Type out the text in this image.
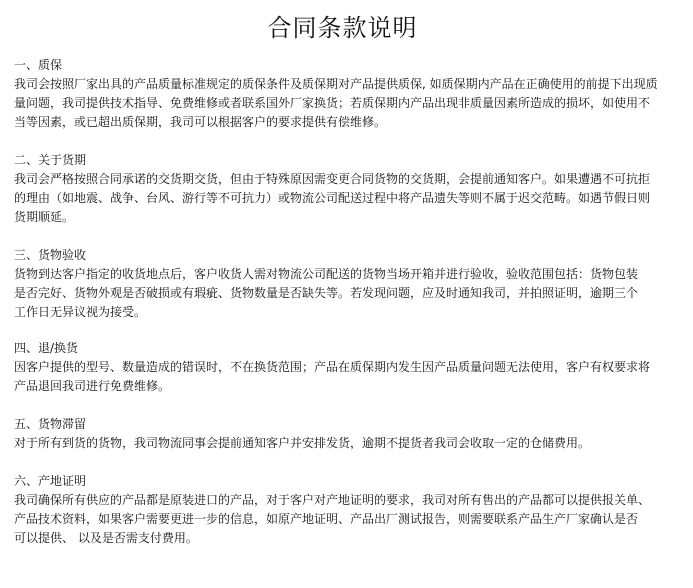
合同条款说明

一、质保

我司会按照厂家出具的产品质量标准规定的质保条件及质保期对产品提供质保, 如质保期内产品在正确使用的前提下出现质
量问题，我司提供技术指导、免费维修或者联系国外厂家换货；若质保期内产品出现非质量因素所造成的损坏，如使用不
当等因素，或已超出质保期，我司可以根据客户的要求提供有偿维修。

二、关于货期

我司会严格按照合同承诺的交货期交货，但由于特殊原因需变更合同货物的交货期，会提前通知客户。如果遭遇不可抗拒
的理由（如地震、战争、台风、游行等不可抗力）或物流公司配送过程中将产品遗失等则不属于迟交范畴。如遇节假日则
货期顺延。

三、货物验收

货物到达客户指定的收货地点后，客户收货人需对物流公司配送的货物当场开箱并进行验收，验收范围包括：货物包装
是否完好、货物外观是否破损或有瑕疵、货物数量是否缺失等。若发现问题，应及时通知我司，并拍照证明，逾期三个
工作日无异议视为接受。

四、退/换货

因客户提供的型号、数量造成的错误时，不在换货范围；产品在质保期内发生因产品质量问题无法使用，客户有权要求将
产品退回我司进行免费维修。

五、货物滞留

对于所有到货的货物，我司物流同事会提前通知客户并安排发货，逾期不提货者我司会收取一定的仓储费用。

六、产地证明

我司确保所有供应的产品都是原装进口的产品，对于客户对产地证明的要求，我司对所有售出的产品都可以提供报关单、
产品技术资料，如果客户需要更进一步的信息，如原产地证明、产品出厂测试报告，则需要联系产品生产厂家确认是否
可以提供、 以及是否需支付费用。
